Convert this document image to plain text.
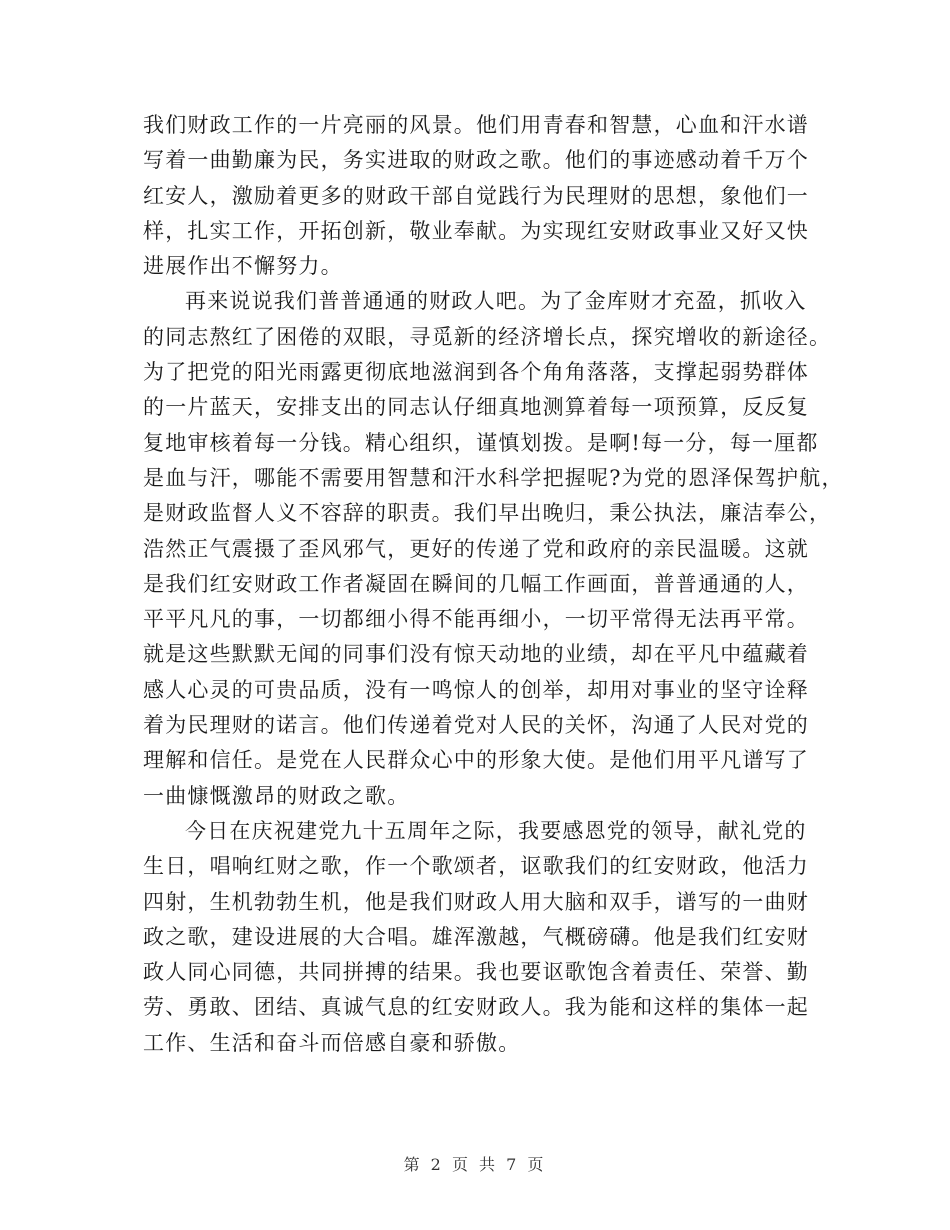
我们财政工作的一片亮丽的风景。他们用青春和智慧，心血和汗水谱
写着一曲勤廉为民，务实进取的财政之歌。他们的事迹感动着千万个
红安人，激励着更多的财政干部自觉践行为民理财的思想，象他们一
样，扎实工作，开拓创新，敬业奉献。为实现红安财政事业又好又快
进展作出不懈努力。
再来说说我们普普通通的财政人吧。为了金库财才充盈，抓收入
的同志熬红了困倦的双眼，寻觅新的经济增长点，探究增收的新途径。
为了把党的阳光雨露更彻底地滋润到各个角角落落，支撑起弱势群体
的一片蓝天，安排支出的同志认仔细真地测算着每一项预算，反反复
复地审核着每一分钱。精心组织，谨慎划拨。是啊!每一分，每一厘都
是血与汗，哪能不需要用智慧和汗水科学把握呢?为党的恩泽保驾护航，
是财政监督人义不容辞的职责。我们早出晚归，秉公执法，廉洁奉公，
浩然正气震摄了歪风邪气，更好的传递了党和政府的亲民温暖。这就
是我们红安财政工作者凝固在瞬间的几幅工作画面，普普通通的人，
平平凡凡的事，一切都细小得不能再细小，一切平常得无法再平常。
就是这些默默无闻的同事们没有惊天动地的业绩，却在平凡中蕴藏着
感人心灵的可贵品质，没有一鸣惊人的创举，却用对事业的坚守诠释
着为民理财的诺言。他们传递着党对人民的关怀，沟通了人民对党的
理解和信任。是党在人民群众心中的形象大使。是他们用平凡谱写了
一曲慷慨激昂的财政之歌。
今日在庆祝建党九十五周年之际，我要感恩党的领导，献礼党的
生日，唱响红财之歌，作一个歌颂者，讴歌我们的红安财政，他活力
四射，生机勃勃生机，他是我们财政人用大脑和双手，谱写的一曲财
政之歌，建设进展的大合唱。雄浑激越，气概磅礴。他是我们红安财
政人同心同德，共同拼搏的结果。我也要讴歌饱含着责任、荣誉、勤
劳、勇敢、团结、真诚气息的红安财政人。我为能和这样的集体一起
工作、生活和奋斗而倍感自豪和骄傲。
第 2 页 共 7 页
